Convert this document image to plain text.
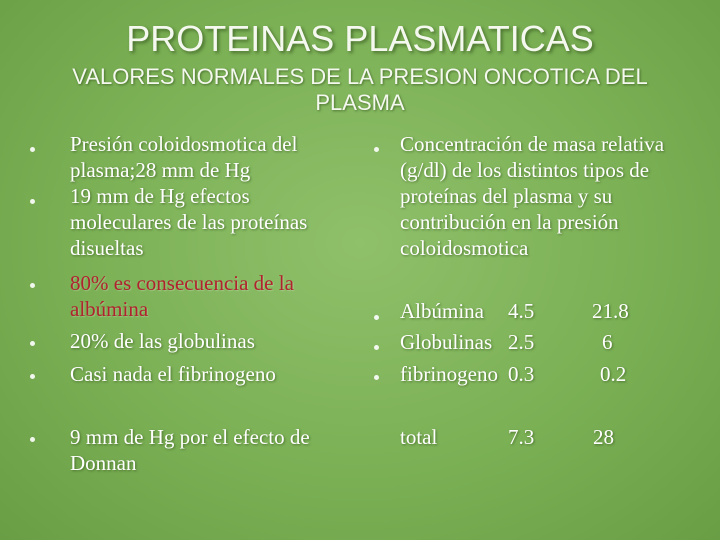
PROTEINAS PLASMATICAS
VALORES NORMALES DE LA PRESION ONCOTICA DEL PLASMA
Presión coloidosmotica del plasma;28 mm de Hg
19 mm de Hg efectos moleculares de las proteínas disueltas
80% es consecuencia de la albúmina
20% de las globulinas
Casi nada el fibrinogeno
9 mm de Hg por el efecto de Donnan
Concentración de masa relativa (g/dl) de los distintos tipos de proteínas del plasma y su contribución en la presión coloidosmotica
Albúmina 4.5	21.8
Globulinas 2.5	6
fibrinogeno 0.3	0.2
total	7.3	28
